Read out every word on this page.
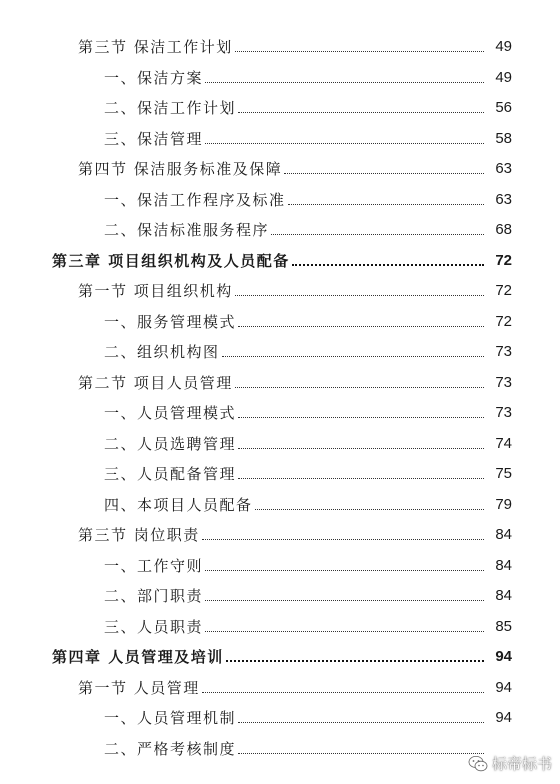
第三节 保洁工作计划	49
一、保洁方案	49
二、保洁工作计划	56
三、保洁管理	58
第四节 保洁服务标准及保障	63
一、保洁工作程序及标准	63
二、保洁标准服务程序	68
第三章 项目组织机构及人员配备	72
第一节 项目组织机构	72
一、服务管理模式	72
二、组织机构图	73
第二节 项目人员管理	73
一、人员管理模式	73
二、人员选聘管理	74
三、人员配备管理	75
四、本项目人员配备	79
第三节 岗位职责	84
一、工作守则	84
二、部门职责	84
三、人员职责	85
第四章 人员管理及培训	94
第一节 人员管理	94
一、人员管理机制	94
二、严格考核制度
标帝标书
